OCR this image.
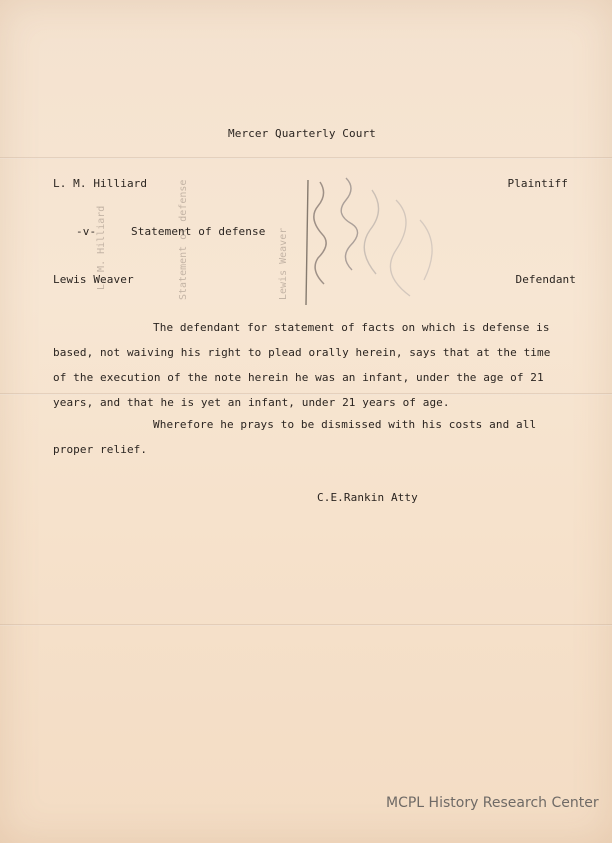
L. M. Hilliard	Statement of defense	Lewis Weaver
Mercer Quarterly Court
L. M. Hilliard	Plaintiff
-v-	Statement of defense
Lewis Weaver	Defendant
The defendant for statement of facts on which is defense is
based, not waiving his right to plead orally herein, says that at the time
of the execution of the note herein he was an infant, under the age of 21
years, and that he is yet an infant, under 21 years of age.
Wherefore he prays to be dismissed with his costs and all
proper relief.
C.E.Rankin Atty
MCPL History Research Center
